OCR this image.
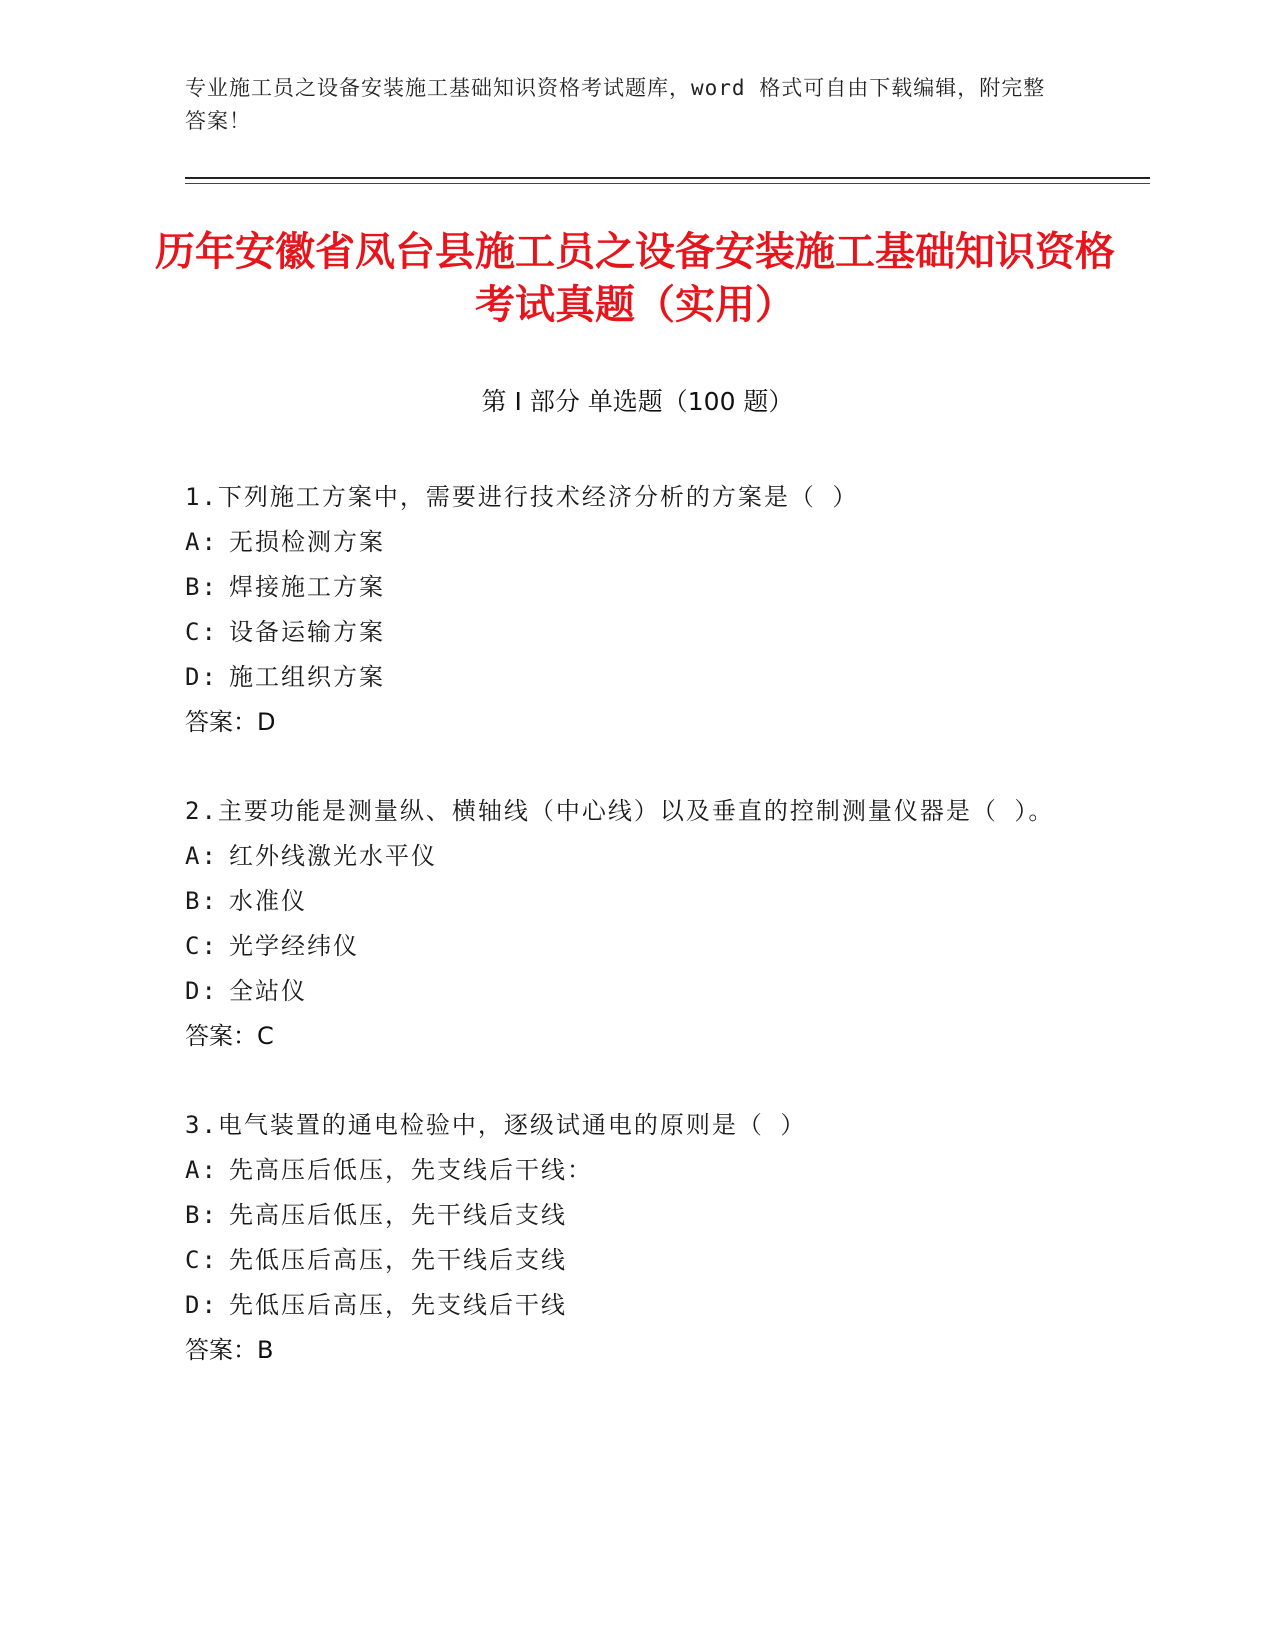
专业施工员之设备安装施工基础知识资格考试题库，word 格式可自由下载编辑，附完整答案！
历年安徽省凤台县施工员之设备安装施工基础知识资格考试真题（实用）
第 I 部分 单选题（100 题）
1.下列施工方案中，需要进行技术经济分析的方案是（ ）
A: 无损检测方案
B: 焊接施工方案
C: 设备运输方案
D: 施工组织方案
答案：D
2.主要功能是测量纵、横轴线（中心线）以及垂直的控制测量仪器是（ ）。
A: 红外线激光水平仪
B: 水准仪
C: 光学经纬仪
D: 全站仪
答案：C
3.电气装置的通电检验中，逐级试通电的原则是（ ）
A: 先高压后低压，先支线后干线：
B: 先高压后低压，先干线后支线
C: 先低压后高压，先干线后支线
D: 先低压后高压，先支线后干线
答案：B
